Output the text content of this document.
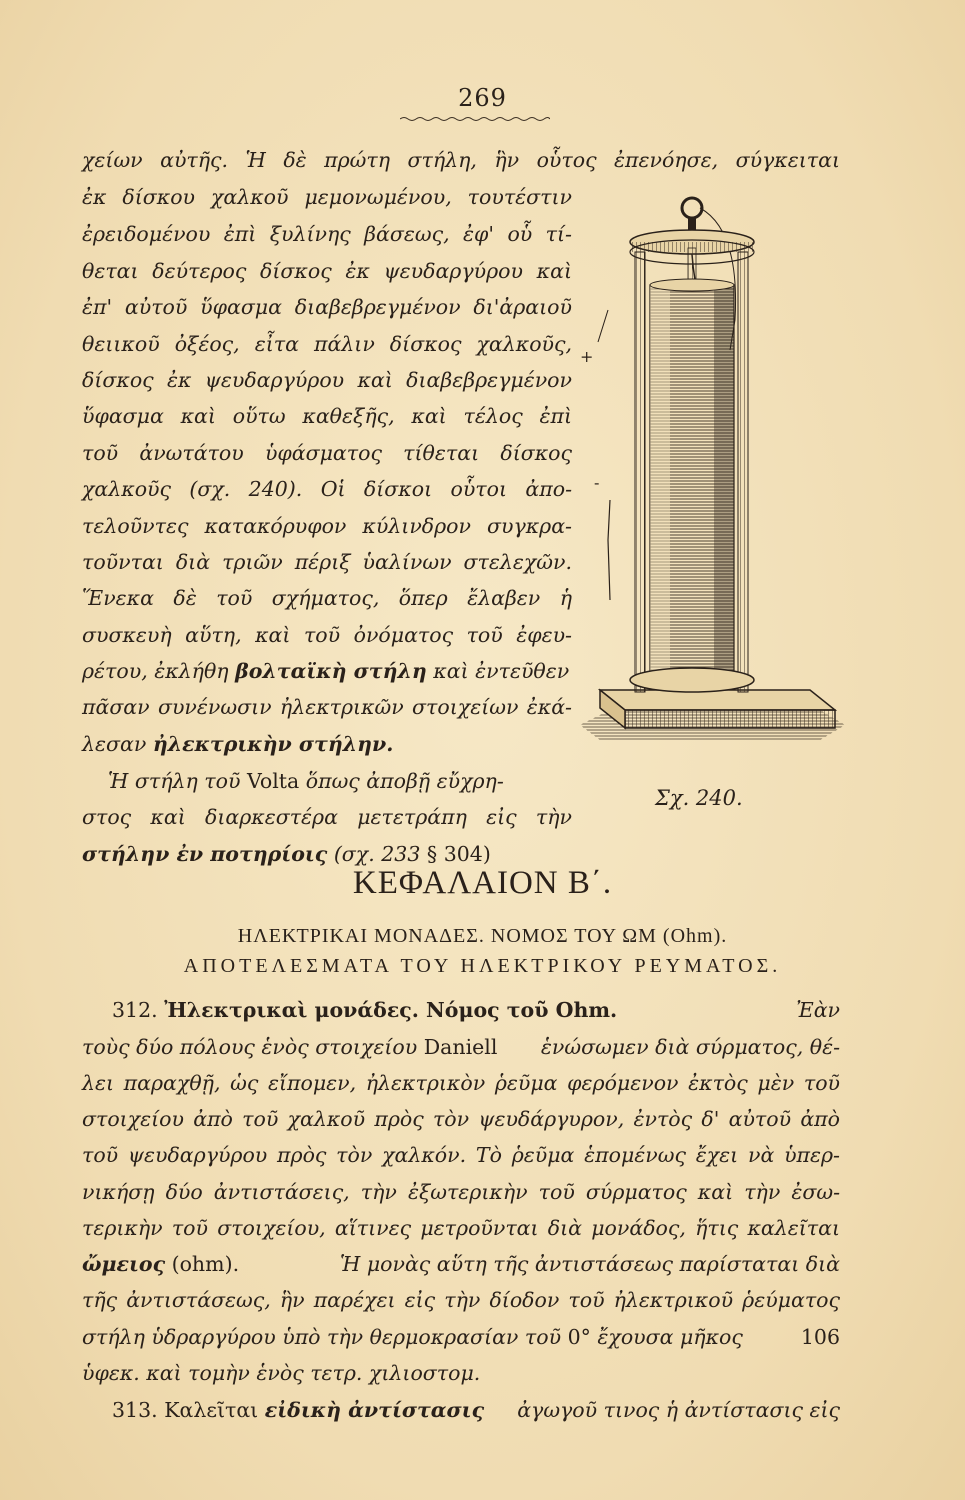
269
χείων αὐτῆς. Ἡ δὲ πρώτη στήλη, ἣν οὗτος ἐπενόησε, σύγκειται
ἐκ δίσκου χαλκοῦ μεμονωμένου, τουτέστιν
ἐρειδομένου ἐπὶ ξυλίνης βάσεως, ἐφ' οὗ τί-
θεται δεύτερος δίσκος ἐκ ψευδαργύρου καὶ
ἐπ' αὐτοῦ ὕφασμα διαβεβρεγμένον δι'ἀραιοῦ
θειικοῦ ὀξέος, εἶτα πάλιν δίσκος χαλκοῦς,
δίσκος ἐκ ψευδαργύρου καὶ διαβεβρεγμένον
ὕφασμα καὶ οὕτω καθεξῆς, καὶ τέλος ἐπὶ
τοῦ ἀνωτάτου ὑφάσματος τίθεται δίσκος
χαλκοῦς (σχ. 240). Οἱ δίσκοι οὗτοι ἀπο-
τελοῦντες κατακόρυφον κύλινδρον συγκρα-
τοῦνται διὰ τριῶν πέριξ ὑαλίνων στελεχῶν.
Ἕνεκα δὲ τοῦ σχήματος, ὅπερ ἔλαβεν ἡ
συσκευὴ αὕτη, καὶ τοῦ ὀνόματος τοῦ ἐφευ-
ρέτου, ἐκλήθη βολταϊκὴ στήλη καὶ ἐντεῦθεν
πᾶσαν συνένωσιν ἠλεκτρικῶν στοιχείων ἐκά-
λεσαν ἠλεκτρικὴν στήλην.
Ἡ στήλη τοῦ Volta ὅπως ἀποβῇ εὔχρη-
στος καὶ διαρκεστέρα μετετράπη εἰς τὴν
στήλην ἐν ποτηρίοις (σχ. 233 § 304)
+
-
Σχ. 240.
ΚΕΦΑΛΑΙΟΝ Β΄.
ΗΛΕΚΤΡΙΚΑΙ ΜΟΝΑΔΕΣ. ΝΟΜΟΣ ΤΟΥ ΩΜ (Ohm).
ΑΠΟΤΕΛΕΣΜΑΤΑ ΤΟΥ ΗΛΕΚΤΡΙΚΟΥ ΡΕΥΜΑΤΟΣ.
312. Ἠλεκτρικαὶ μονάδες. Νόμος τοῦ Ohm.	Ἐὰν
τοὺς δύο πόλους ἑνὸς στοιχείου Daniell ἑνώσωμεν διὰ σύρματος, θέ-
λει παραχθῇ, ὡς εἴπομεν, ἠλεκτρικὸν ῥεῦμα φερόμενον ἐκτὸς μὲν τοῦ
στοιχείου ἀπὸ τοῦ χαλκοῦ πρὸς τὸν ψευδάργυρον, ἐντὸς δ' αὐτοῦ ἀπὸ
τοῦ ψευδαργύρου πρὸς τὸν χαλκόν. Τὸ ῥεῦμα ἑπομένως ἔχει νὰ ὑπερ-
νικήσῃ δύο ἀντιστάσεις, τὴν ἐξωτερικὴν τοῦ σύρματος καὶ τὴν ἐσω-
τερικὴν τοῦ στοιχείου, αἵτινες μετροῦνται διὰ μονάδος, ἥτις καλεῖται
ὤμειος (ohm).	Ἡ μονὰς αὕτη τῆς ἀντιστάσεως παρίσταται διὰ
τῆς ἀντιστάσεως, ἣν παρέχει εἰς τὴν δίοδον τοῦ ἠλεκτρικοῦ ῥεύματος
στήλη ὑδραργύρου ὑπὸ τὴν θερμοκρασίαν τοῦ 0° ἔχουσα μῆκος	106
ὑφεκ. καὶ τομὴν ἑνὸς τετρ. χιλιοστομ.
313. Καλεῖται εἰδικὴ ἀντίστασις ἀγωγοῦ τινος ἡ ἀντίστασις εἰς
